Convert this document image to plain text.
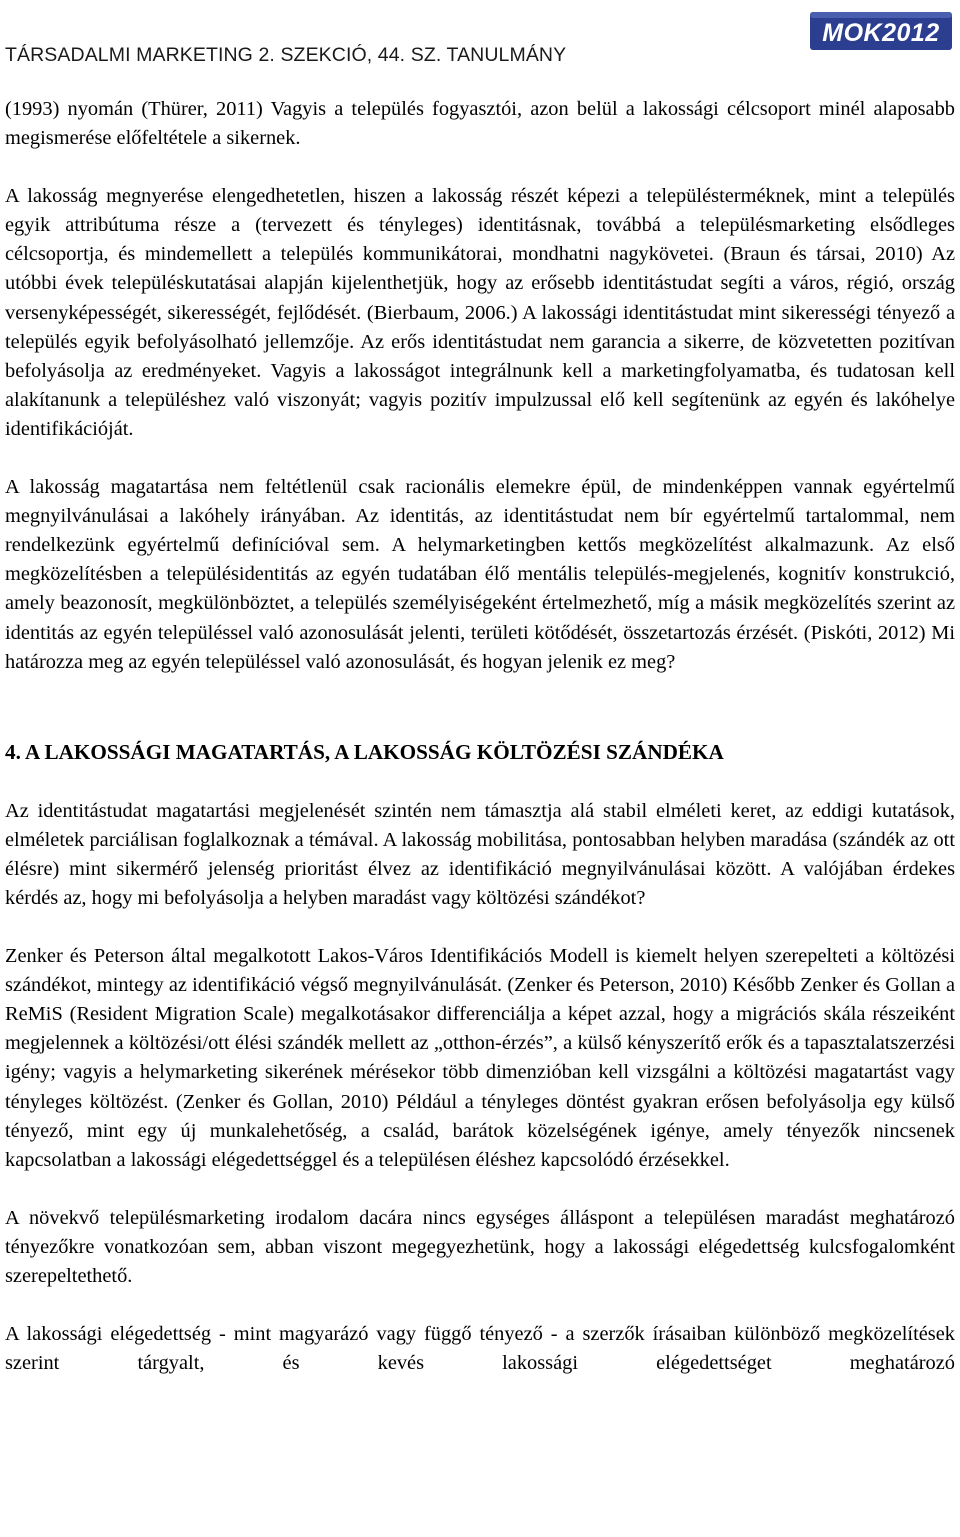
TÁRSADALMI MARKETING 2. SZEKCIÓ, 44. SZ. TANULMÁNY
MOK2012

(1993) nyomán (Thürer, 2011) Vagyis a település fogyasztói, azon belül a lakossági célcsoport minél alaposabb megismerése előfeltétele a sikernek.

A lakosság megnyerése elengedhetetlen, hiszen a lakosság részét képezi a településterméknek, mint a település egyik attribútuma része a (tervezett és tényleges) identitásnak, továbbá a településmarketing elsődleges célcsoportja, és mindemellett a település kommunikátorai, mondhatni nagykövetei. (Braun és társai, 2010) Az utóbbi évek településkutatásai alapján kijelenthetjük, hogy az erősebb identitástudat segíti a város, régió, ország versenyképességét, sikerességét, fejlődését. (Bierbaum, 2006.) A lakossági identitástudat mint sikerességi tényező a település egyik befolyásolható jellemzője. Az erős identitástudat nem garancia a sikerre, de közvetetten pozitívan befolyásolja az eredményeket. Vagyis a lakosságot integrálnunk kell a marketingfolyamatba, és tudatosan kell alakítanunk a településhez való viszonyát; vagyis pozitív impulzussal elő kell segítenünk az egyén és lakóhelye identifikációját.

A lakosság magatartása nem feltétlenül csak racionális elemekre épül, de mindenképpen vannak egyértelmű megnyilvánulásai a lakóhely irányában. Az identitás, az identitástudat nem bír egyértelmű tartalommal, nem rendelkezünk egyértelmű definícióval sem. A helymarketingben kettős megközelítést alkalmazunk. Az első megközelítésben a településidentitás az egyén tudatában élő mentális település-megjelenés, kognitív konstrukció, amely beazonosít, megkülönböztet, a település személyiségeként értelmezhető, míg a másik megközelítés szerint az identitás az egyén településsel való azonosulását jelenti, területi kötődését, összetartozás érzését. (Piskóti, 2012) Mi határozza meg az egyén településsel való azonosulását, és hogyan jelenik ez meg?

4. A LAKOSSÁGI MAGATARTÁS, A LAKOSSÁG KÖLTÖZÉSI SZÁNDÉKA

Az identitástudat magatartási megjelenését szintén nem támasztja alá stabil elméleti keret, az eddigi kutatások, elméletek parciálisan foglalkoznak a témával. A lakosság mobilitása, pontosabban helyben maradása (szándék az ott élésre) mint sikermérő jelenség prioritást élvez az identifikáció megnyilvánulásai között. A valójában érdekes kérdés az, hogy mi befolyásolja a helyben maradást vagy költözési szándékot?

Zenker és Peterson által megalkotott Lakos-Város Identifikációs Modell is kiemelt helyen szerepelteti a költözési szándékot, mintegy az identifikáció végső megnyilvánulását. (Zenker és Peterson, 2010) Később Zenker és Gollan a ReMiS (Resident Migration Scale) megalkotásakor differenciálja a képet azzal, hogy a migrációs skála részeiként megjelennek a költözési/ott élési szándék mellett az „otthon-érzés”, a külső kényszerítő erők és a tapasztalatszerzési igény; vagyis a helymarketing sikerének mérésekor több dimenzióban kell vizsgálni a költözési magatartást vagy tényleges költözést. (Zenker és Gollan, 2010) Például a tényleges döntést gyakran erősen befolyásolja egy külső tényező, mint egy új munkalehetőség, a család, barátok közelségének igénye, amely tényezők nincsenek kapcsolatban a lakossági elégedettséggel és a településen éléshez kapcsolódó érzésekkel.

A növekvő településmarketing irodalom dacára nincs egységes álláspont a településen maradást meghatározó tényezőkre vonatkozóan sem, abban viszont megegyezhetünk, hogy a lakossági elégedettség kulcsfogalomként szerepeltethető.

A lakossági elégedettség - mint magyarázó vagy függő tényező - a szerzők írásaiban különböző megközelítések szerint tárgyalt, és kevés lakossági elégedettséget meghatározó
